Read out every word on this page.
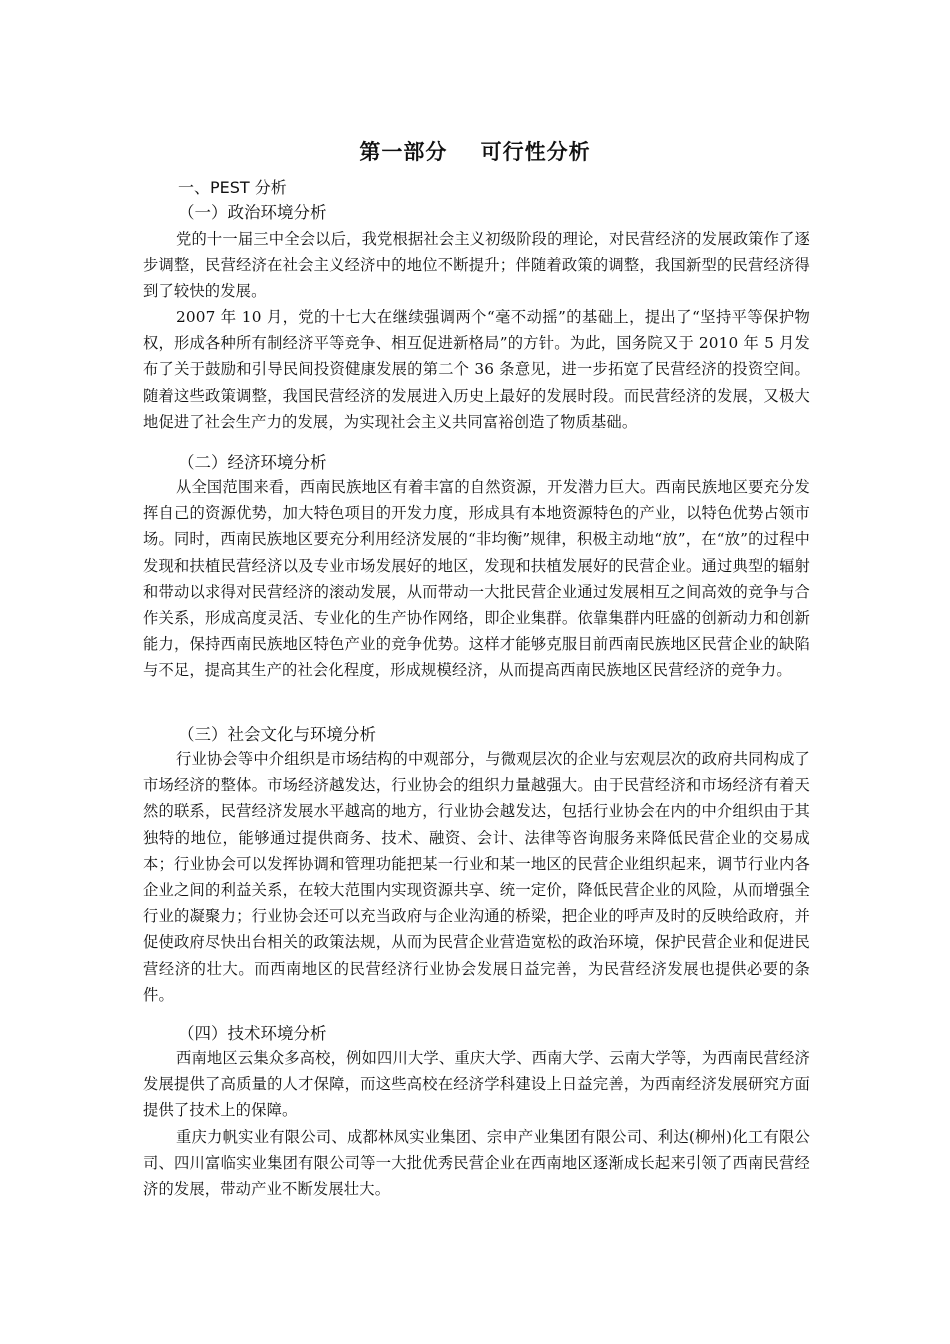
第一部分    可行性分析
一、PEST 分析
（一）政治环境分析
党的十一届三中全会以后，我党根据社会主义初级阶段的理论，对民营经济的发展政策作了逐步调整，民营经济在社会主义经济中的地位不断提升；伴随着政策的调整，我国新型的民营经济得到了较快的发展。
2007 年 10 月，党的十七大在继续强调两个“毫不动摇”的基础上，提出了“坚持平等保护物权，形成各种所有制经济平等竞争、相互促进新格局”的方针。为此，国务院又于 2010 年 5 月发布了关于鼓励和引导民间投资健康发展的第二个 36 条意见，进一步拓宽了民营经济的投资空间。随着这些政策调整，我国民营经济的发展进入历史上最好的发展时段。而民营经济的发展，又极大地促进了社会生产力的发展，为实现社会主义共同富裕创造了物质基础。
（二）经济环境分析
从全国范围来看，西南民族地区有着丰富的自然资源，开发潜力巨大。西南民族地区要充分发挥自己的资源优势，加大特色项目的开发力度，形成具有本地资源特色的产业，以特色优势占领市场。同时，西南民族地区要充分利用经济发展的“非均衡”规律，积极主动地“放”，在“放”的过程中发现和扶植民营经济以及专业市场发展好的地区，发现和扶植发展好的民营企业。通过典型的辐射和带动以求得对民营经济的滚动发展，从而带动一大批民营企业通过发展相互之间高效的竞争与合作关系，形成高度灵活、专业化的生产协作网络，即企业集群。依靠集群内旺盛的创新动力和创新能力，保持西南民族地区特色产业的竞争优势。这样才能够克服目前西南民族地区民营企业的缺陷与不足，提高其生产的社会化程度，形成规模经济，从而提高西南民族地区民营经济的竞争力。
（三）社会文化与环境分析
行业协会等中介组织是市场结构的中观部分，与微观层次的企业与宏观层次的政府共同构成了市场经济的整体。市场经济越发达，行业协会的组织力量越强大。由于民营经济和市场经济有着天然的联系，民营经济发展水平越高的地方，行业协会越发达，包括行业协会在内的中介组织由于其独特的地位，能够通过提供商务、技术、融资、会计、法律等咨询服务来降低民营企业的交易成本；行业协会可以发挥协调和管理功能把某一行业和某一地区的民营企业组织起来，调节行业内各企业之间的利益关系，在较大范围内实现资源共享、统一定价，降低民营企业的风险，从而增强全行业的凝聚力；行业协会还可以充当政府与企业沟通的桥梁，把企业的呼声及时的反映给政府，并促使政府尽快出台相关的政策法规，从而为民营企业营造宽松的政治环境，保护民营企业和促进民营经济的壮大。而西南地区的民营经济行业协会发展日益完善，为民营经济发展也提供必要的条件。
（四）技术环境分析
西南地区云集众多高校，例如四川大学、重庆大学、西南大学、云南大学等，为西南民营经济发展提供了高质量的人才保障，而这些高校在经济学科建设上日益完善，为西南经济发展研究方面提供了技术上的保障。
重庆力帆实业有限公司、成都林凤实业集团、宗申产业集团有限公司、利达(柳州)化工有限公司、四川富临实业集团有限公司等一大批优秀民营企业在西南地区逐渐成长起来引领了西南民营经济的发展，带动产业不断发展壮大。
